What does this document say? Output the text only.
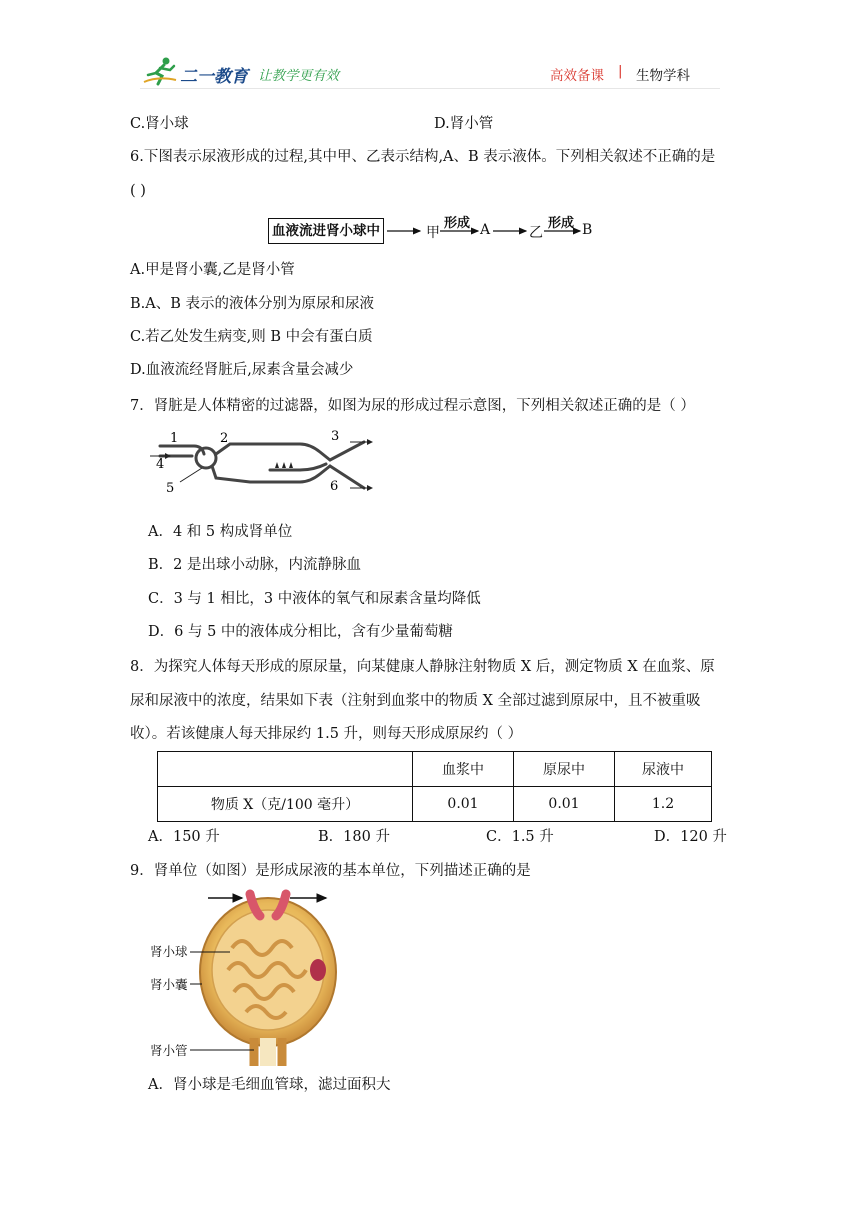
二一教育 让教学更有效	高效备课 | 生物学科
C.肾小球	D.肾小管
6.下图表示尿液形成的过程,其中甲、乙表示结构,A、B 表示液体。下列相关叙述不正确的是
( )
血液流进肾小球中	甲
形成 A	乙
形成 B
A.甲是肾小囊,乙是肾小管
B.A、B 表示的液体分别为原尿和尿液
C.若乙处发生病变,则 B 中会有蛋白质
D.血液流经肾脏后,尿素含量会减少
7．肾脏是人体精密的过滤器，如图为尿的形成过程示意图，下列相关叙述正确的是（ ）
1	2	3
4
5	6
A．4 和 5 构成肾单位
B．2 是出球小动脉，内流静脉血
C．3 与 1 相比，3 中液体的氧气和尿素含量均降低
D．6 与 5 中的液体成分相比，含有少量葡萄糖
8．为探究人体每天形成的原尿量，向某健康人静脉注射物质 X 后，测定物质 X 在血浆、原
尿和尿液中的浓度，结果如下表（注射到血浆中的物质 X 全部过滤到原尿中，且不被重吸
收）。若该健康人每天排尿约 1.5 升，则每天形成原尿约（ ）
	血浆中	原尿中	尿液中
物质 X（克/100 毫升）	0.01	0.01	1.2
A．150 升	B．180 升	C．1.5 升	D．120 升
9．肾单位（如图）是形成尿液的基本单位，下列描述正确的是
肾小球
肾小囊
肾小管
A．肾小球是毛细血管球，滤过面积大
